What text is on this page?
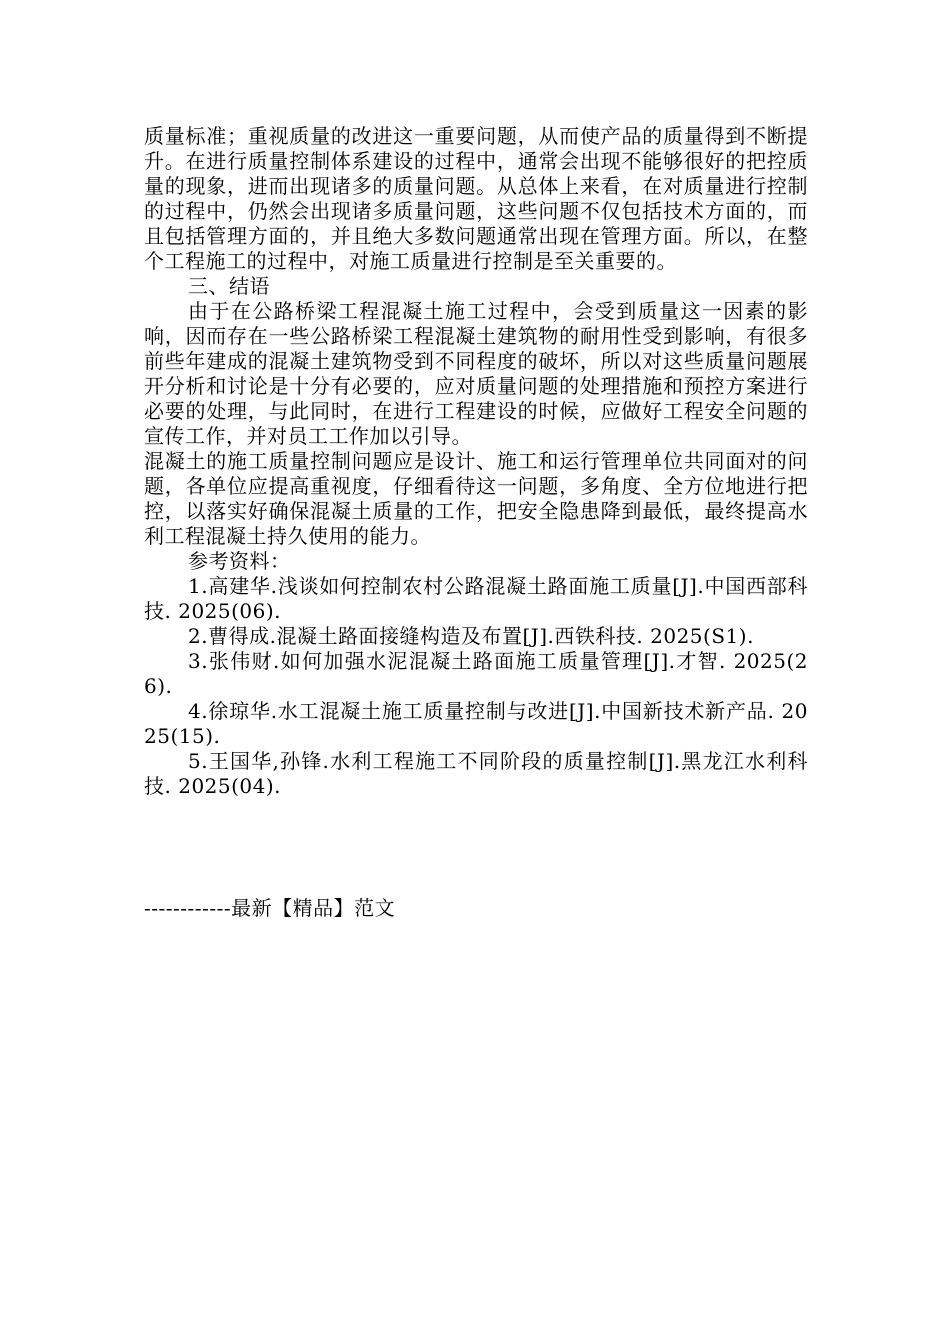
质量标准；重视质量的改进这一重要问题，从而使产品的质量得到不断提升。在进行质量控制体系建设的过程中，通常会出现不能够很好的把控质量的现象，进而出现诸多的质量问题。从总体上来看，在对质量进行控制的过程中，仍然会出现诸多质量问题，这些问题不仅包括技术方面的，而且包括管理方面的，并且绝大多数问题通常出现在管理方面。所以，在整个工程施工的过程中，对施工质量进行控制是至关重要的。

三、结语

由于在公路桥梁工程混凝土施工过程中，会受到质量这一因素的影响，因而存在一些公路桥梁工程混凝土建筑物的耐用性受到影响，有很多前些年建成的混凝土建筑物受到不同程度的破坏，所以对这些质量问题展开分析和讨论是十分有必要的，应对质量问题的处理措施和预控方案进行必要的处理，与此同时，在进行工程建设的时候，应做好工程安全问题的宣传工作，并对员工工作加以引导。

混凝土的施工质量控制问题应是设计、施工和运行管理单位共同面对的问题，各单位应提高重视度，仔细看待这一问题，多角度、全方位地进行把控，以落实好确保混凝土质量的工作，把安全隐患降到最低，最终提高水利工程混凝土持久使用的能力。

参考资料：

1.高建华.浅谈如何控制农村公路混凝土路面施工质量[J].中国西部科技. 2025(06).

2.曹得成.混凝土路面接缝构造及布置[J].西铁科技. 2025(S1).

3.张伟财.如何加强水泥混凝土路面施工质量管理[J].才智. 2025(26).

4.徐琼华.水工混凝土施工质量控制与改进[J].中国新技术新产品. 2025(15).

5.王国华,孙锋.水利工程施工不同阶段的质量控制[J].黑龙江水利科技. 2025(04).

------------最新【精品】范文
